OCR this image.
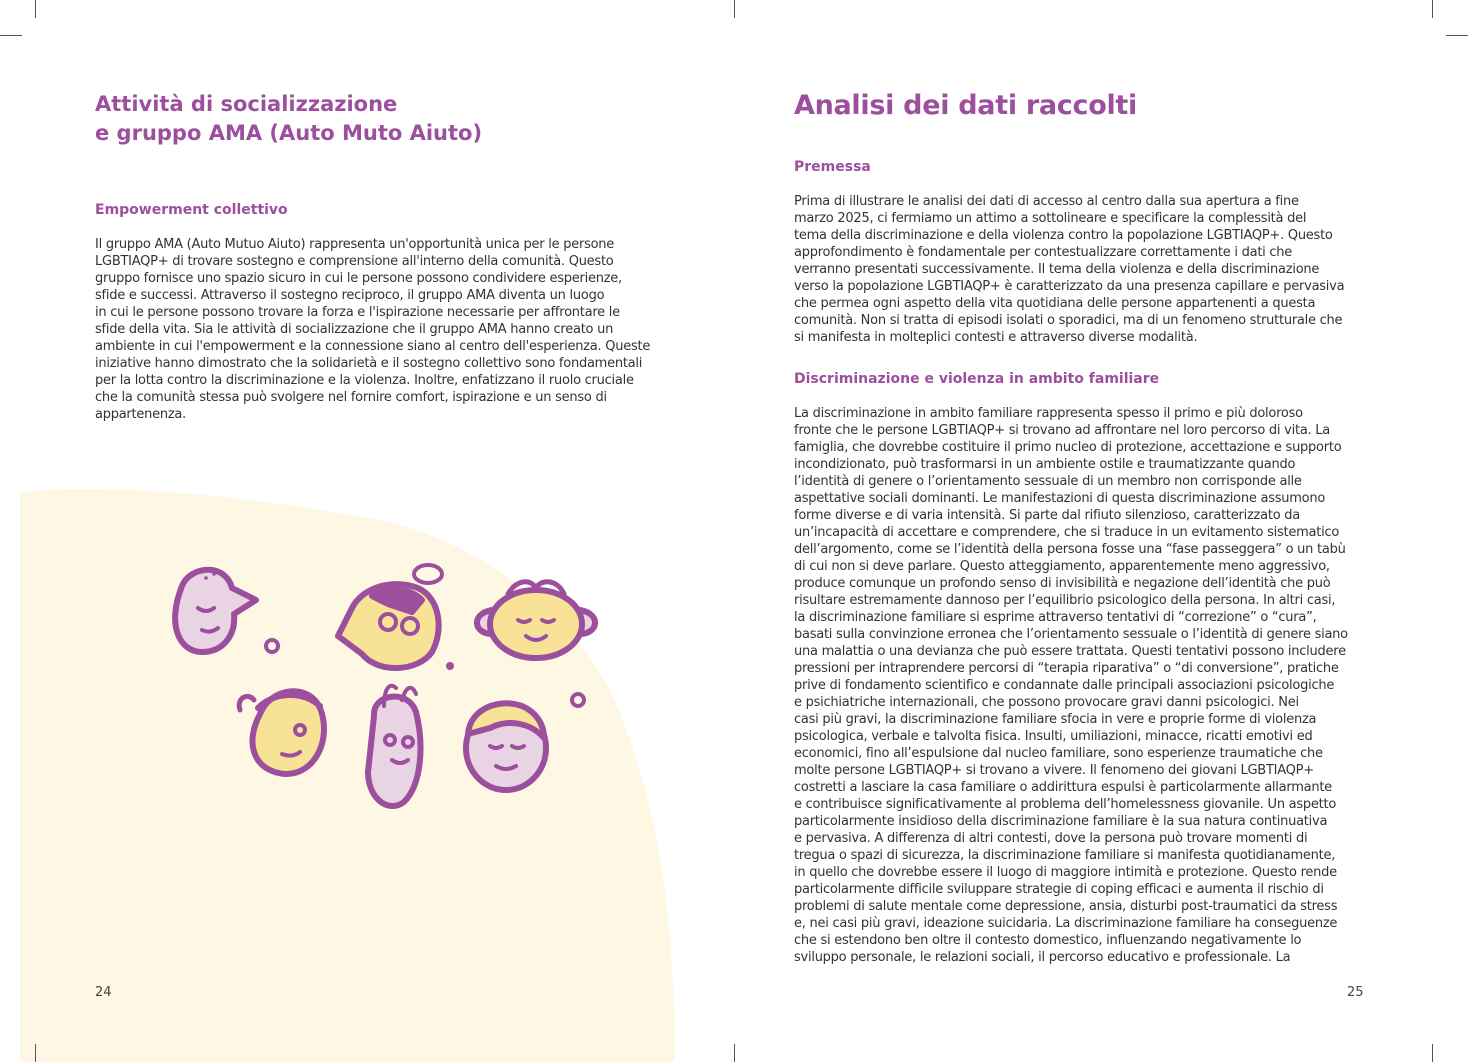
Attività di socializzazione
e gruppo AMA (Auto Muto Aiuto)
Empowerment collettivo

Il gruppo AMA (Auto Mutuo Aiuto) rappresenta un'opportunità unica per le persone
LGBTIAQP+ di trovare sostegno e comprensione all'interno della comunità. Questo
gruppo fornisce uno spazio sicuro in cui le persone possono condividere esperienze,
sfide e successi. Attraverso il sostegno reciproco, il gruppo AMA diventa un luogo
in cui le persone possono trovare la forza e l'ispirazione necessarie per affrontare le
sfide della vita. Sia le attività di socializzazione che il gruppo AMA hanno creato un
ambiente in cui l'empowerment e la connessione siano al centro dell'esperienza. Queste
iniziative hanno dimostrato che la solidarietà e il sostegno collettivo sono fondamentali
per la lotta contro la discriminazione e la violenza. Inoltre, enfatizzano il ruolo cruciale
che la comunità stessa può svolgere nel fornire comfort, ispirazione e un senso di
appartenenza.

24
Analisi dei dati raccolti
Premessa

Prima di illustrare le analisi dei dati di accesso al centro dalla sua apertura a fine
marzo 2025, ci fermiamo un attimo a sottolineare e specificare la complessità del
tema della discriminazione e della violenza contro la popolazione LGBTIAQP+. Questo
approfondimento è fondamentale per contestualizzare correttamente i dati che
verranno presentati successivamente. Il tema della violenza e della discriminazione
verso la popolazione LGBTIAQP+ è caratterizzato da una presenza capillare e pervasiva
che permea ogni aspetto della vita quotidiana delle persone appartenenti a questa
comunità. Non si tratta di episodi isolati o sporadici, ma di un fenomeno strutturale che
si manifesta in molteplici contesti e attraverso diverse modalità.

Discriminazione e violenza in ambito familiare

La discriminazione in ambito familiare rappresenta spesso il primo e più doloroso
fronte che le persone LGBTIAQP+ si trovano ad affrontare nel loro percorso di vita. La
famiglia, che dovrebbe costituire il primo nucleo di protezione, accettazione e supporto
incondizionato, può trasformarsi in un ambiente ostile e traumatizzante quando
l’identità di genere o l’orientamento sessuale di un membro non corrisponde alle
aspettative sociali dominanti. Le manifestazioni di questa discriminazione assumono
forme diverse e di varia intensità. Si parte dal rifiuto silenzioso, caratterizzato da
un’incapacità di accettare e comprendere, che si traduce in un evitamento sistematico
dell’argomento, come se l’identità della persona fosse una “fase passeggera” o un tabù
di cui non si deve parlare. Questo atteggiamento, apparentemente meno aggressivo,
produce comunque un profondo senso di invisibilità e negazione dell’identità che può
risultare estremamente dannoso per l’equilibrio psicologico della persona. In altri casi,
la discriminazione familiare si esprime attraverso tentativi di “correzione” o “cura”,
basati sulla convinzione erronea che l’orientamento sessuale o l’identità di genere siano
una malattia o una devianza che può essere trattata. Questi tentativi possono includere
pressioni per intraprendere percorsi di “terapia riparativa” o “di conversione”, pratiche
prive di fondamento scientifico e condannate dalle principali associazioni psicologiche
e psichiatriche internazionali, che possono provocare gravi danni psicologici. Nei
casi più gravi, la discriminazione familiare sfocia in vere e proprie forme di violenza
psicologica, verbale e talvolta fisica. Insulti, umiliazioni, minacce, ricatti emotivi ed
economici, fino all’espulsione dal nucleo familiare, sono esperienze traumatiche che
molte persone LGBTIAQP+ si trovano a vivere. Il fenomeno dei giovani LGBTIAQP+
costretti a lasciare la casa familiare o addirittura espulsi è particolarmente allarmante
e contribuisce significativamente al problema dell’homelessness giovanile. Un aspetto
particolarmente insidioso della discriminazione familiare è la sua natura continuativa
e pervasiva. A differenza di altri contesti, dove la persona può trovare momenti di
tregua o spazi di sicurezza, la discriminazione familiare si manifesta quotidianamente,
in quello che dovrebbe essere il luogo di maggiore intimità e protezione. Questo rende
particolarmente difficile sviluppare strategie di coping efficaci e aumenta il rischio di
problemi di salute mentale come depressione, ansia, disturbi post-traumatici da stress
e, nei casi più gravi, ideazione suicidaria. La discriminazione familiare ha conseguenze
che si estendono ben oltre il contesto domestico, influenzando negativamente lo
sviluppo personale, le relazioni sociali, il percorso educativo e professionale. La

25
